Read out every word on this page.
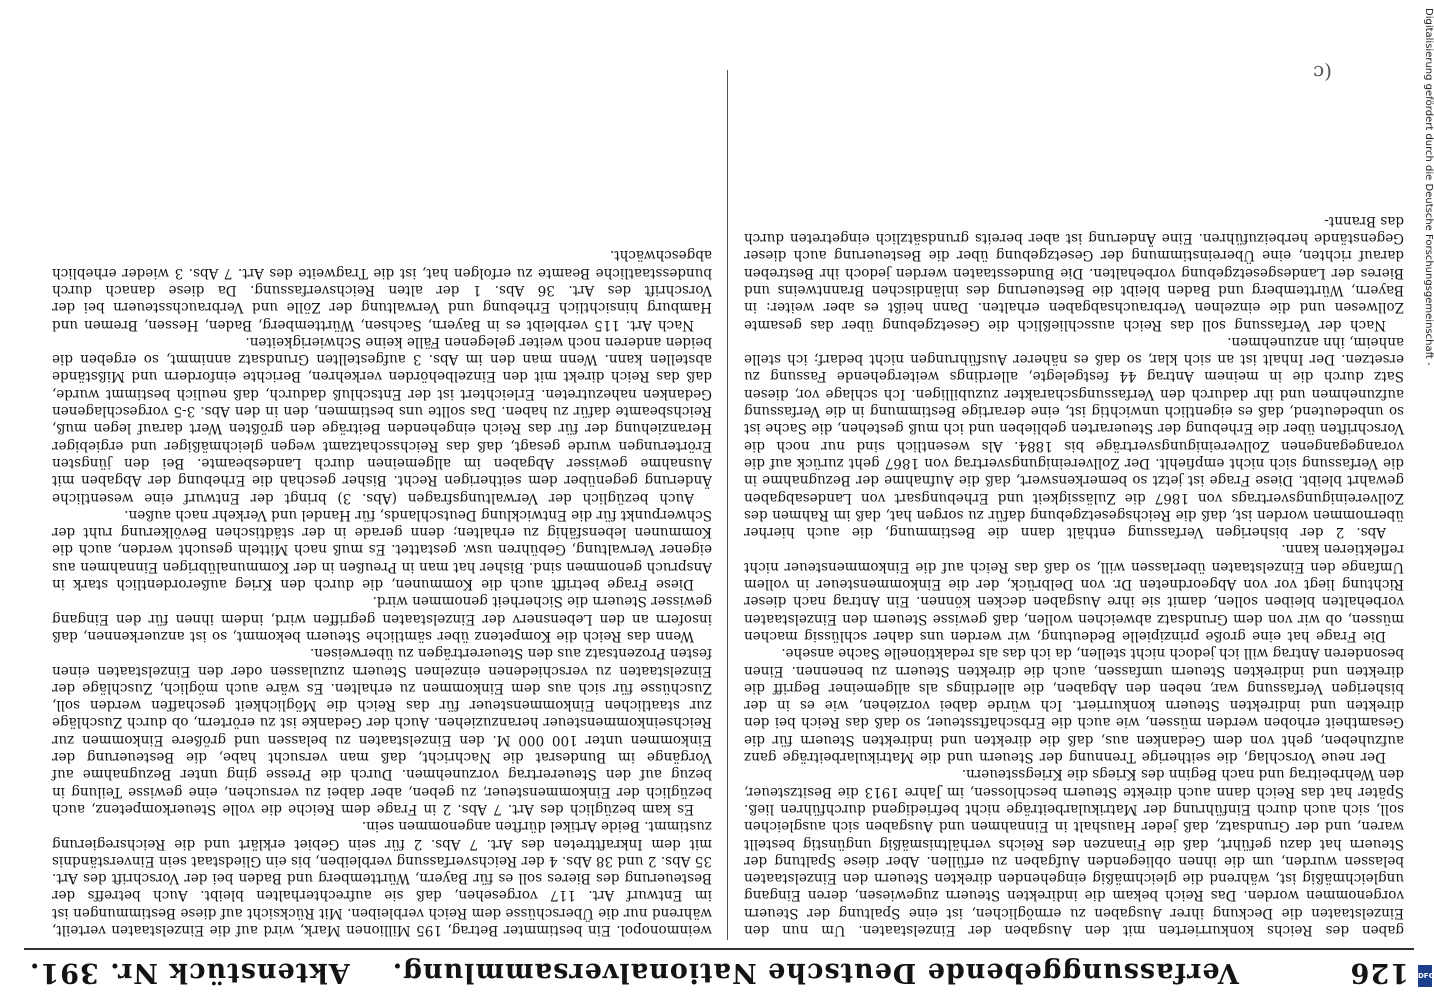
126
Verfassunggebende Deutsche Nationalversammlung.
Aktenstück Nr. 391.

gaben des Reichs konkurrierten mit den Ausgaben der Einzelstaaten. Um nun den Einzelstaaten die Deckung ihrer Ausgaben zu ermöglichen, ist eine Spaltung der Steuern vorgenommen worden. Das Reich bekam die indirekten Steuern zugewiesen, deren Eingang ungleichmäßig ist, während die gleichmäßig eingehenden direkten Steuern den Einzelstaaten belassen wurden, um die ihnen obliegenden Aufgaben zu erfüllen. Aber diese Spaltung der Steuern hat dazu geführt, daß die Finanzen des Reichs verhältnismäßig ungünstig bestellt waren, und der Grundsatz, daß jeder Haushalt in Einnahmen und Ausgaben sich ausgleichen soll, sich auch durch Einführung der Matrikularbeiträge nicht befriedigend durchführen ließ. Später hat das Reich dann auch direkte Steuern beschlossen, im Jahre 1913 die Besitzsteuer, den Wehrbeitrag und nach Beginn des Kriegs die Kriegssteuern.

Der neue Vorschlag, die seitherige Trennung der Steuern und die Matrikularbeiträge ganz aufzuheben, geht von dem Gedanken aus, daß die direkten und indirekten Steuern für die Gesamtheit erhoben werden müssen, wie auch die Erbschaftssteuer, so daß das Reich bei den direkten und indirekten Steuern konkurriert. Ich würde dabei vorziehen, wie es in der bisherigen Verfassung war, neben den Abgaben, die allerdings als allgemeiner Begriff die direkten und indirekten Steuern umfassen, auch die direkten Steuern zu benennen. Einen besonderen Antrag will ich jedoch nicht stellen, da ich das als redaktionelle Sache ansehe.

Die Frage hat eine große prinzipielle Bedeutung, wir werden uns daher schlüssig machen müssen, ob wir von dem Grundsatz abweichen wollen, daß gewisse Steuern den Einzelstaaten vorbehalten bleiben sollen, damit sie ihre Ausgaben decken können. Ein Antrag nach dieser Richtung liegt vor von Abgeordneten Dr. von Delbrück, der die Einkommensteuer in vollem Umfange den Einzelstaaten überlassen will, so daß das Reich auf die Einkommensteuer nicht reflektieren kann.

Abs. 2 der bisherigen Verfassung enthält dann die Bestimmung, die auch hierher übernommen worden ist, daß die Reichsgesetzgebung dafür zu sorgen hat, daß im Rahmen des Zollvereinigungsvertrags von 1867 die Zulässigkeit und Erhebungsart von Landesabgaben gewahrt bleibt. Diese Frage ist jetzt so bemerkenswert, daß die Aufnahme der Bezugnahme in die Verfassung sich nicht empfiehlt. Der Zollvereinigungsvertrag von 1867 geht zurück auf die vorangegangenen Zollvereinigungsverträge bis 1884. Als wesentlich sind nur noch die Vorschriften über die Erhebung der Steuerarten geblieben und ich muß gestehen, die Sache ist so unbedeutend, daß es eigentlich unwichtig ist, eine derartige Bestimmung in die Verfassung aufzunehmen und ihr dadurch den Verfassungscharakter zuzubilligen. Ich schlage vor, diesen Satz durch die in meinem Antrag 44 festgelegte, allerdings weitergehende Fassung zu ersetzen. Der Inhalt ist an sich klar, so daß es näherer Ausführungen nicht bedarf; ich stelle anheim, ihn anzunehmen.

Nach der Verfassung soll das Reich ausschließlich die Gesetzgebung über das gesamte Zollwesen und die einzelnen Verbrauchsabgaben erhalten. Dann heißt es aber weiter: in Bayern, Württemberg und Baden bleibt die Besteuerung des inländischen Branntweins und Bieres der Landesgesetzgebung vorbehalten. Die Bundesstaaten werden jedoch ihr Bestreben darauf richten, eine Übereinstimmung der Gesetzgebung über die Besteuerung auch dieser Gegenstände herbeizuführen. Eine Änderung ist aber bereits grundsätzlich eingetreten durch das Brannt-

weinmonopol. Ein bestimmter Betrag, 195 Millionen Mark, wird auf die Einzelstaaten verteilt, während nur die Überschüsse dem Reich verbleiben. Mit Rücksicht auf diese Bestimmungen ist im Entwurf Art. 117 vorgesehen, daß sie aufrechterhalten bleibt. Auch betreffs der Besteuerung des Bieres soll es für Bayern, Württemberg und Baden bei der Vorschrift des Art. 35 Abs. 2 und 38 Abs. 4 der Reichsverfassung verbleiben, bis ein Gliedstaat sein Einverständnis mit dem Inkrafttreten des Art. 7 Abs. 2 für sein Gebiet erklärt und die Reichsregierung zustimmt. Beide Artikel dürften angenommen sein.

Es kam bezüglich des Art. 7 Abs. 2 in Frage dem Reiche die volle Steuerkompetenz, auch bezüglich der Einkommensteuer, zu geben, aber dabei zu versuchen, eine gewisse Teilung in bezug auf den Steuerertrag vorzunehmen. Durch die Presse ging unter Bezugnahme auf Vorgänge im Bundesrat die Nachricht, daß man versucht habe, die Besteuerung der Einkommen unter 100 000 M. den Einzelstaaten zu belassen und größere Einkommen zur Reichseinkommensteuer heranzuziehen. Auch der Gedanke ist zu erörtern, ob durch Zuschläge zur staatlichen Einkommensteuer für das Reich die Möglichkeit geschaffen werden soll, Zuschüsse für sich aus dem Einkommen zu erhalten. Es wäre auch möglich, Zuschläge der Einzelstaaten zu verschiedenen einzelnen Steuern zuzulassen oder den Einzelstaaten einen festen Prozentsatz aus den Steuererträgen zu überweisen.

Wenn das Reich die Kompetenz über sämtliche Steuern bekommt, so ist anzuerkennen, daß insofern an den Lebensnerv der Einzelstaaten gegriffen wird, indem ihnen für den Eingang gewisser Steuern die Sicherheit genommen wird.

Diese Frage betrifft auch die Kommunen, die durch den Krieg außerordentlich stark in Anspruch genommen sind. Bisher hat man in Preußen in der Kommunalübrigen Einnahmen aus eigener Verwaltung, Gebühren usw. gestattet. Es muß nach Mitteln gesucht werden, auch die Kommunen lebensfähig zu erhalten; denn gerade in der städtischen Bevölkerung ruht der Schwerpunkt für die Entwicklung Deutschlands, für Handel und Verkehr nach außen.

Auch bezüglich der Verwaltungsfragen (Abs. 3) bringt der Entwurf eine wesentliche Änderung gegenüber dem seitherigen Recht. Bisher geschah die Erhebung der Abgaben mit Ausnahme gewisser Abgaben im allgemeinen durch Landesbeamte. Bei den jüngsten Erörterungen wurde gesagt, daß das Reichsschatzamt wegen gleichmäßiger und ergiebiger Heranziehung der für das Reich eingehenden Beiträge den größten Wert darauf legen muß, Reichsbeamte dafür zu haben. Das sollte uns bestimmen, den in den Abs. 3-5 vorgeschlagenen Gedanken nahezutreten. Erleichtert ist der Entschluß dadurch, daß neulich bestimmt wurde, daß das Reich direkt mit den Einzelbehörden verkehren, Berichte einfordern und Mißstände abstellen kann. Wenn man den im Abs. 3 aufgestellten Grundsatz annimmt, so ergeben die beiden anderen noch weiter gelegenen Fälle keine Schwierigkeiten.

Nach Art. 115 verbleibt es in Bayern, Sachsen, Württemberg, Baden, Hessen, Bremen und Hamburg hinsichtlich Erhebung und Verwaltung der Zölle und Verbrauchssteuern bei der Vorschrift des Art. 36 Abs. 1 der alten Reichsverfassung. Da diese danach durch bundesstaatliche Beamte zu erfolgen hat, ist die Tragweite des Art. 7 Abs. 3 wieder erheblich abgeschwächt.

(c	Digitalisierung gefördert durch die Deutsche Forschungsgemeinschaft -
DFG
